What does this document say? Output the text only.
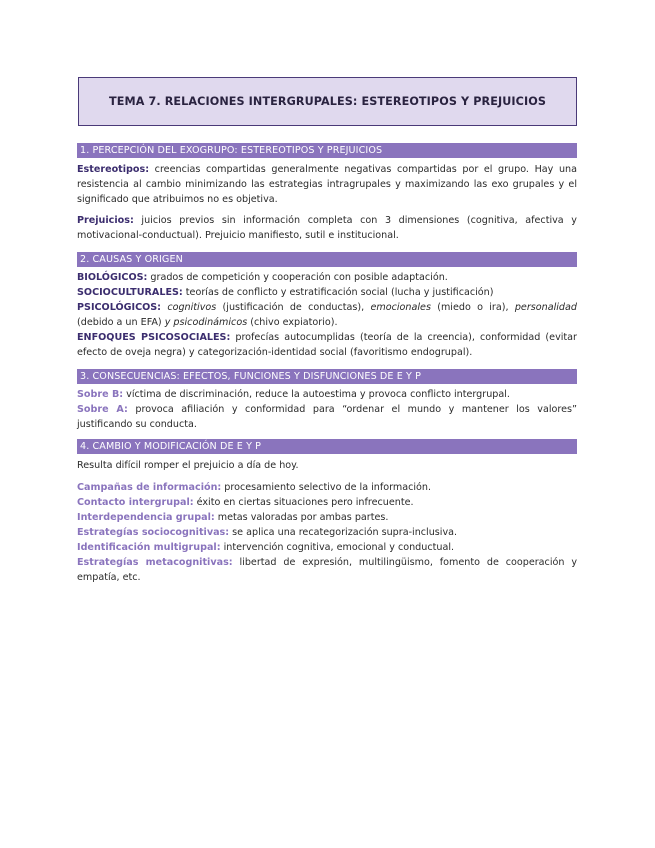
TEMA 7. RELACIONES INTERGRUPALES: ESTEREOTIPOS Y PREJUICIOS
1. PERCEPCIÓN DEL EXOGRUPO: ESTEREOTIPOS Y PREJUICIOS
Estereotipos: creencias compartidas generalmente negativas compartidas por el grupo. Hay una resistencia al cambio minimizando las estrategias intragrupales y maximizando las exo grupales y el significado que atribuimos no es objetiva.
Prejuicios: juicios previos sin información completa con 3 dimensiones (cognitiva, afectiva y motivacional-conductual). Prejuicio manifiesto, sutil e institucional.
2. CAUSAS Y ORIGEN
BIOLÓGICOS: grados de competición y cooperación con posible adaptación.
SOCIOCULTURALES: teorías de conflicto y estratificación social (lucha y justificación)
PSICOLÓGICOS: cognitivos (justificación de conductas), emocionales (miedo o ira), personalidad (debido a un EFA) y psicodinámicos (chivo expiatorio).
ENFOQUES PSICOSOCIALES: profecías autocumplidas (teoría de la creencia), conformidad (evitar efecto de oveja negra) y categorización-identidad social (favoritismo endogrupal).
3. CONSECUENCIAS: EFECTOS, FUNCIONES Y DISFUNCIONES DE E Y P
Sobre B: víctima de discriminación, reduce la autoestima y provoca conflicto intergrupal.
Sobre A: provoca afiliación y conformidad para “ordenar el mundo y mantener los valores” justificando su conducta.
4. CAMBIO Y MODIFICACIÓN DE E Y P
Resulta difícil romper el prejuicio a día de hoy.
Campañas de información: procesamiento selectivo de la información.
Contacto intergrupal: éxito en ciertas situaciones pero infrecuente.
Interdependencia grupal: metas valoradas por ambas partes.
Estrategías sociocognitivas: se aplica una recategorización supra-inclusiva.
Identificación multigrupal: intervención cognitiva, emocional y conductual.
Estrategías metacognitivas: libertad de expresión, multilingüismo, fomento de cooperación y empatía, etc.
